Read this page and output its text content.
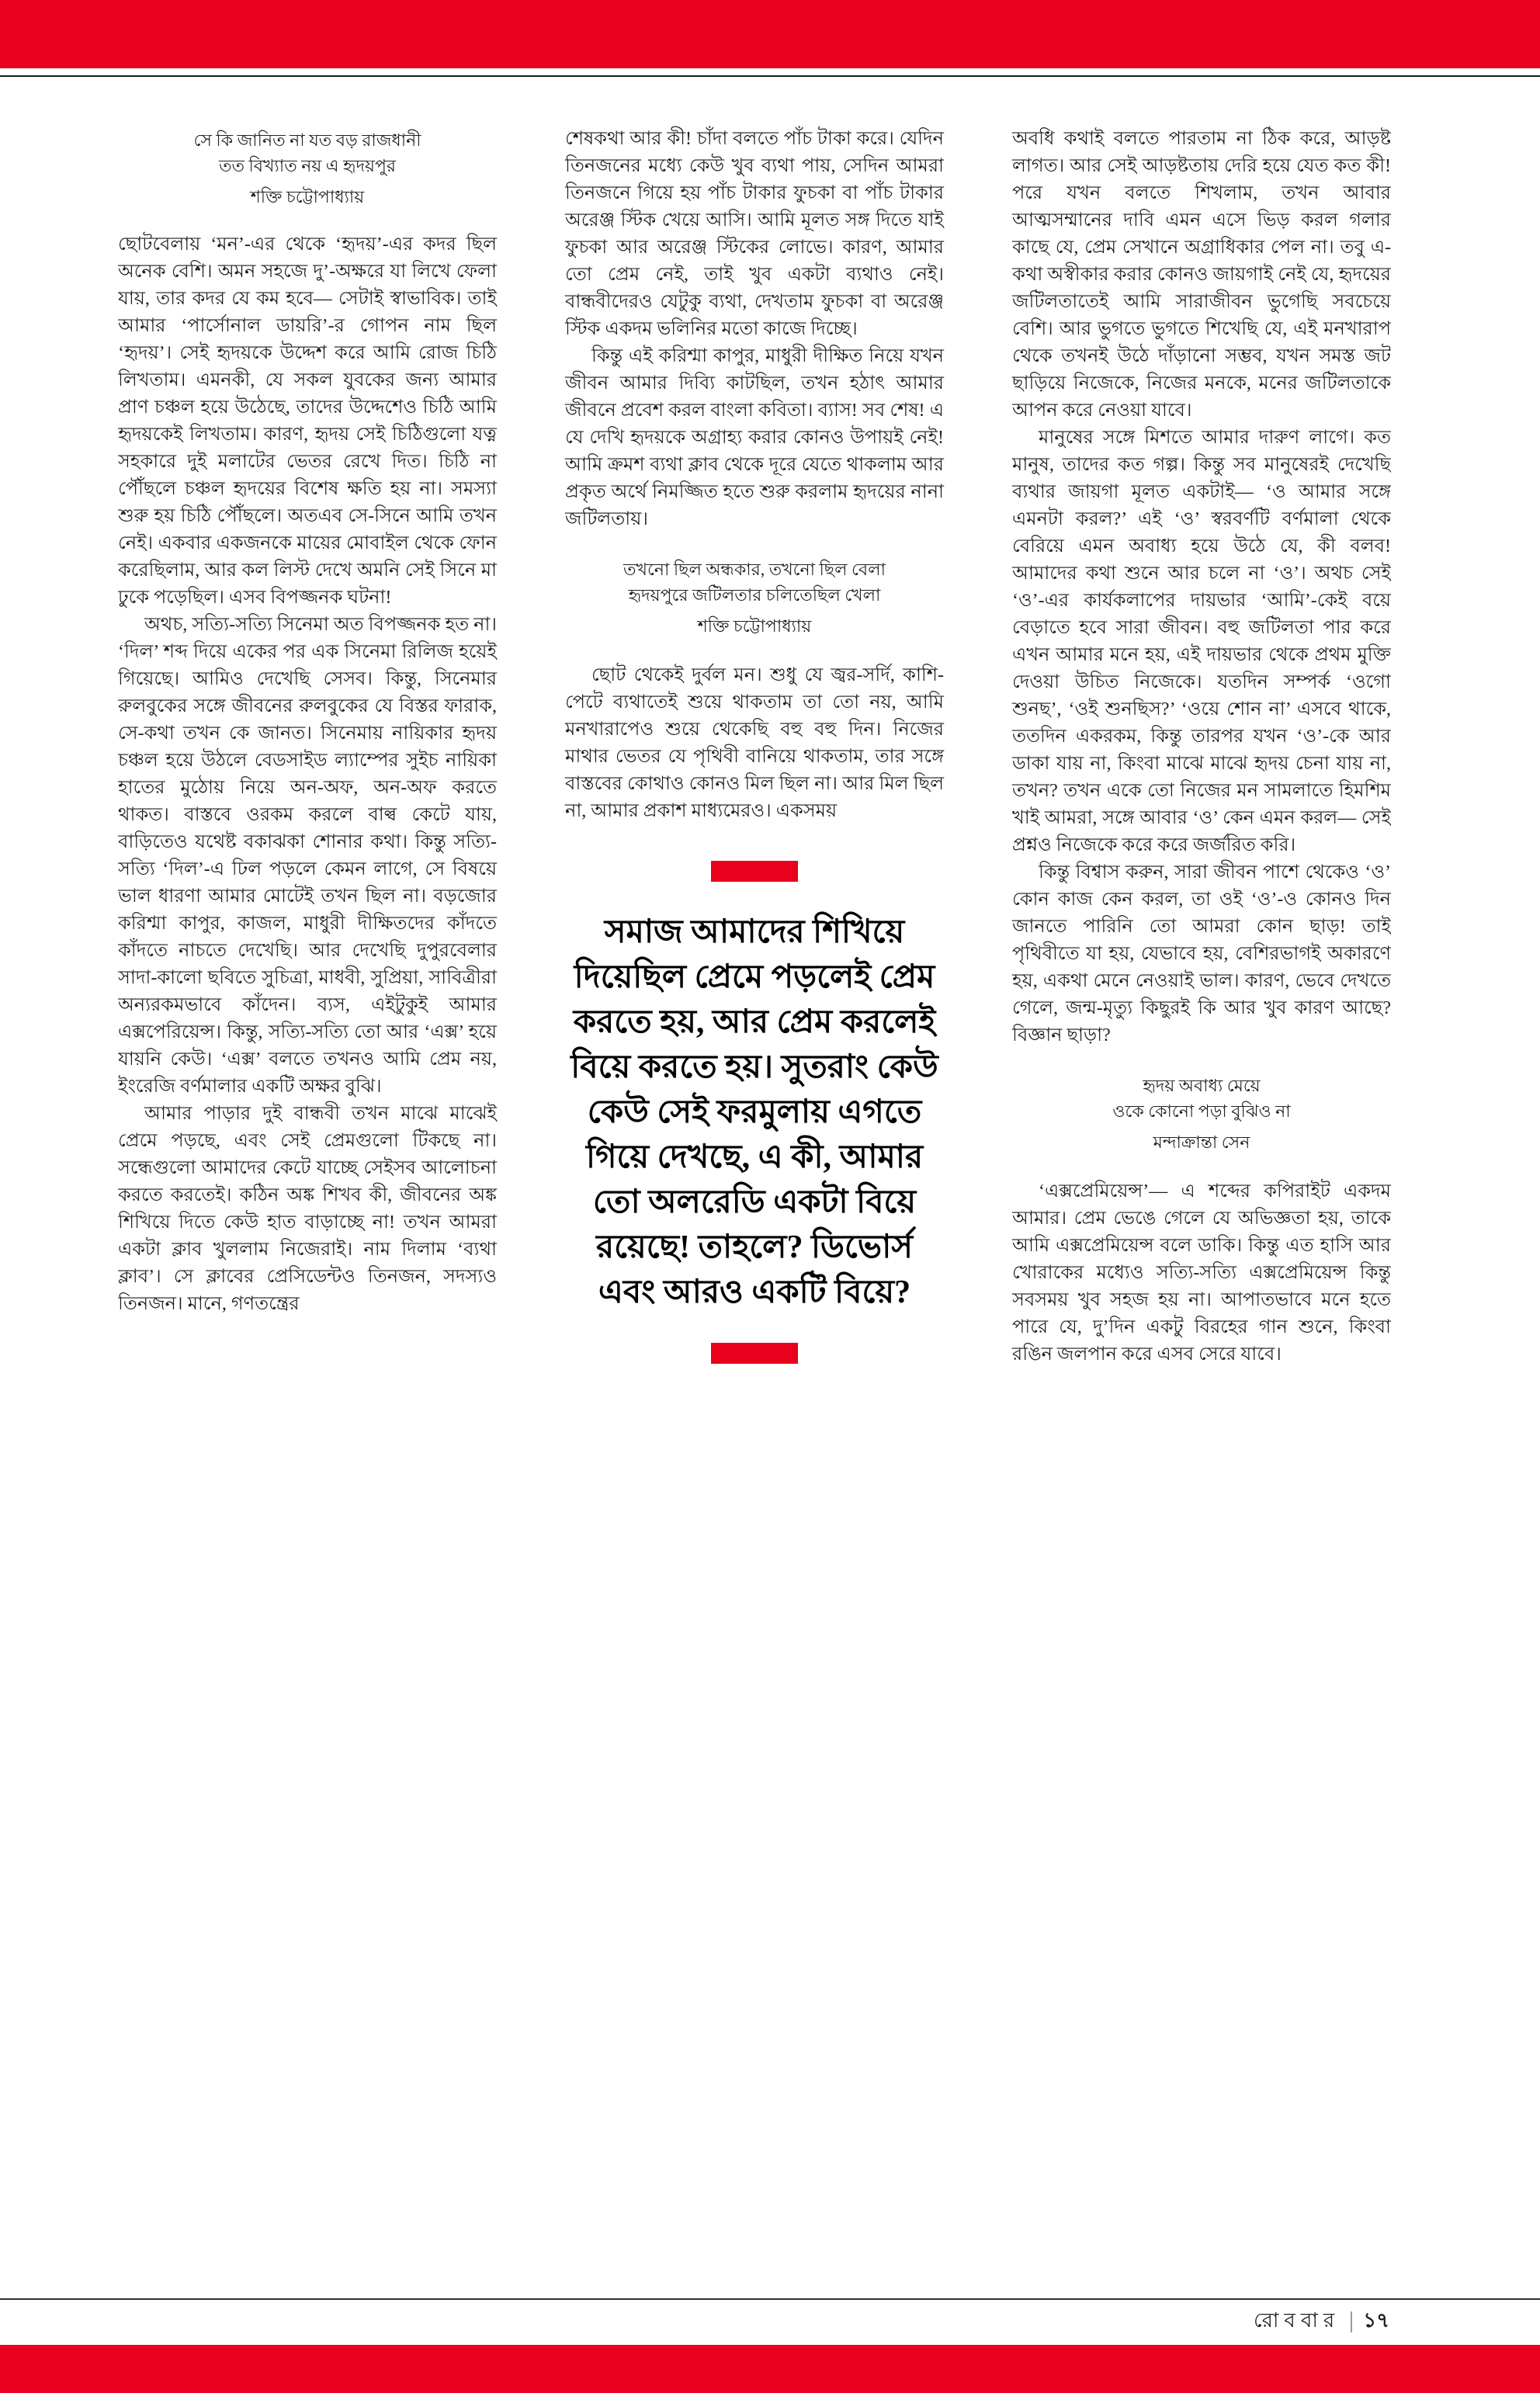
সে কি জানিত না যত বড় রাজধানী
তত বিখ্যাত নয় এ হৃদয়পুর
শক্তি চট্টোপাধ্যায়

ছোটবেলায় ‘মন’-এর থেকে ‘হৃদয়’-এর কদর ছিল অনেক বেশি। অমন সহজে দু’-অক্ষরে যা লিখে ফেলা যায়, তার কদর যে কম হবে— সেটাই স্বাভাবিক। তাই আমার ‘পার্সোনাল ডায়রি’-র গোপন নাম ছিল ‘হৃদয়’। সেই হৃদয়কে উদ্দেশ করে আমি রোজ চিঠি লিখতাম। এমনকী, যে সকল যুবকের জন্য আমার প্রাণ চঞ্চল হয়ে উঠেছে, তাদের উদ্দেশেও চিঠি আমি হৃদয়কেই লিখতাম। কারণ, হৃদয় সেই চিঠিগুলো যত্ন সহকারে দুই মলাটের ভেতর রেখে দিত। চিঠি না পৌঁছলে চঞ্চল হৃদয়ের বিশেষ ক্ষতি হয় না। সমস্যা শুরু হয় চিঠি পৌঁছলে। অতএব সে-সিনে আমি তখন নেই। একবার একজনকে মায়ের মোবাইল থেকে ফোন করেছিলাম, আর কল লিস্ট দেখে অমনি সেই সিনে মা ঢুকে পড়েছিল। এসব বিপজ্জনক ঘটনা!

অথচ, সত্যি-সত্যি সিনেমা অত বিপজ্জনক হত না। ‘দিল’ শব্দ দিয়ে একের পর এক সিনেমা রিলিজ হয়েই গিয়েছে। আমিও দেখেছি সেসব। কিন্তু, সিনেমার রুলবুকের সঙ্গে জীবনের রুলবুকের যে বিস্তর ফারাক, সে-কথা তখন কে জানত। সিনেমায় নায়িকার হৃদয় চঞ্চল হয়ে উঠলে বেডসাইড ল্যাম্পের সুইচ নায়িকা হাতের মুঠোয় নিয়ে অন-অফ, অন-অফ করতে থাকত। বাস্তবে ওরকম করলে বাল্ব কেটে যায়, বাড়িতেও যথেষ্ট বকাঝকা শোনার কথা। কিন্তু সত্যি-সত্যি ‘দিল’-এ ঢিল পড়লে কেমন লাগে, সে বিষয়ে ভাল ধারণা আমার মোটেই তখন ছিল না। বড়জোর করিশ্মা কাপুর, কাজল, মাধুরী দীক্ষিতদের কাঁদতে কাঁদতে নাচতে দেখেছি। আর দেখেছি দুপুরবেলার সাদা-কালো ছবিতে সুচিত্রা, মাধবী, সুপ্রিয়া, সাবিত্রীরা অন্যরকমভাবে কাঁদেন। ব্যস, এইটুকুই আমার এক্সপেরিয়েন্স। কিন্তু, সত্যি-সত্যি তো আর ‘এক্স’ হয়ে যায়নি কেউ। ‘এক্স’ বলতে তখনও আমি প্রেম নয়, ইংরেজি বর্ণমালার একটি অক্ষর বুঝি।

আমার পাড়ার দুই বান্ধবী তখন মাঝে মাঝেই প্রেমে পড়ছে, এবং সেই প্রেমগুলো টিকছে না। সন্ধেগুলো আমাদের কেটে যাচ্ছে সেইসব আলোচনা করতে করতেই। কঠিন অঙ্ক শিখব কী, জীবনের অঙ্ক শিখিয়ে দিতে কেউ হাত বাড়াচ্ছে না! তখন আমরা একটা ক্লাব খুললাম নিজেরাই। নাম দিলাম ‘ব্যথা ক্লাব’। সে ক্লাবের প্রেসিডেন্টও তিনজন, সদস্যও তিনজন। মানে, গণতন্ত্রের

শেষকথা আর কী! চাঁদা বলতে পাঁচ টাকা করে। যেদিন তিনজনের মধ্যে কেউ খুব ব্যথা পায়, সেদিন আমরা তিনজনে গিয়ে হয় পাঁচ টাকার ফুচকা বা পাঁচ টাকার অরেঞ্জ স্টিক খেয়ে আসি। আমি মূলত সঙ্গ দিতে যাই ফুচকা আর অরেঞ্জ স্টিকের লোভে। কারণ, আমার তো প্রেম নেই, তাই খুব একটা ব্যথাও নেই। বান্ধবীদেরও যেটুকু ব্যথা, দেখতাম ফুচকা বা অরেঞ্জ স্টিক একদম ভলিনির মতো কাজে দিচ্ছে।

কিন্তু এই করিশ্মা কাপুর, মাধুরী দীক্ষিত নিয়ে যখন জীবন আমার দিব্যি কাটছিল, তখন হঠাৎ আমার জীবনে প্রবেশ করল বাংলা কবিতা। ব্যাস! সব শেষ! এ যে দেখি হৃদয়কে অগ্রাহ্য করার কোনও উপায়ই নেই! আমি ক্রমশ ব্যথা ক্লাব থেকে দূরে যেতে থাকলাম আর প্রকৃত অর্থে নিমজ্জিত হতে শুরু করলাম হৃদয়ের নানা জটিলতায়।

তখনো ছিল অন্ধকার, তখনো ছিল বেলা
হৃদয়পুরে জটিলতার চলিতেছিল খেলা
শক্তি চট্টোপাধ্যায়

ছোট থেকেই দুর্বল মন। শুধু যে জ্বর-সর্দি, কাশি-পেটে ব্যথাতেই শুয়ে থাকতাম তা তো নয়, আমি মনখারাপেও শুয়ে থেকেছি বহু বহু দিন। নিজের মাথার ভেতর যে পৃথিবী বানিয়ে থাকতাম, তার সঙ্গে বাস্তবের কোথাও কোনও মিল ছিল না। আর মিল ছিল না, আমার প্রকাশ মাধ্যমেরও। একসময়

সমাজ আমাদের শিখিয়ে দিয়েছিল প্রেমে পড়লেই প্রেম করতে হয়, আর প্রেম করলেই বিয়ে করতে হয়। সুতরাং কেউ কেউ সেই ফরমুলায় এগতে গিয়ে দেখছে, এ কী, আমার তো অলরেডি একটা বিয়ে রয়েছে! তাহলে? ডিভোর্স এবং আরও একটি বিয়ে?

অবধি কথাই বলতে পারতাম না ঠিক করে, আড়ষ্ট লাগত। আর সেই আড়ষ্টতায় দেরি হয়ে যেত কত কী! পরে যখন বলতে শিখলাম, তখন আবার আত্মসম্মানের দাবি এমন এসে ভিড় করল গলার কাছে যে, প্রেম সেখানে অগ্রাধিকার পেল না। তবু এ-কথা অস্বীকার করার কোনও জায়গাই নেই যে, হৃদয়ের জটিলতাতেই আমি সারাজীবন ভুগেছি সবচেয়ে বেশি। আর ভুগতে ভুগতে শিখেছি যে, এই মনখারাপ থেকে তখনই উঠে দাঁড়ানো সম্ভব, যখন সমস্ত জট ছাড়িয়ে নিজেকে, নিজের মনকে, মনের জটিলতাকে আপন করে নেওয়া যাবে।

মানুষের সঙ্গে মিশতে আমার দারুণ লাগে। কত মানুষ, তাদের কত গল্প। কিন্তু সব মানুষেরই দেখেছি ব্যথার জায়গা মূলত একটাই— ‘ও আমার সঙ্গে এমনটা করল?’ এই ‘ও’ স্বরবর্ণটি বর্ণমালা থেকে বেরিয়ে এমন অবাধ্য হয়ে উঠে যে, কী বলব! আমাদের কথা শুনে আর চলে না ‘ও’। অথচ সেই ‘ও’-এর কার্যকলাপের দায়ভার ‘আমি’-কেই বয়ে বেড়াতে হবে সারা জীবন। বহু জটিলতা পার করে এখন আমার মনে হয়, এই দায়ভার থেকে প্রথম মুক্তি দেওয়া উচিত নিজেকে। যতদিন সম্পর্ক ‘ওগো শুনছ’, ‘ওই শুনছিস?’ ‘ওয়ে শোন না’ এসবে থাকে, ততদিন একরকম, কিন্তু তারপর যখন ‘ও’-কে আর ডাকা যায় না, কিংবা মাঝে মাঝে হৃদয় চেনা যায় না, তখন? তখন একে তো নিজের মন সামলাতে হিমশিম খাই আমরা, সঙ্গে আবার ‘ও’ কেন এমন করল— সেই প্রশ্নও নিজেকে করে করে জর্জরিত করি।

কিন্তু বিশ্বাস করুন, সারা জীবন পাশে থেকেও ‘ও’ কোন কাজ কেন করল, তা ওই ‘ও’-ও কোনও দিন জানতে পারিনি তো আমরা কোন ছাড়! তাই পৃথিবীতে যা হয়, যেভাবে হয়, বেশিরভাগই অকারণে হয়, একথা মেনে নেওয়াই ভাল। কারণ, ভেবে দেখতে গেলে, জন্ম-মৃত্যু কিছুরই কি আর খুব কারণ আছে? বিজ্ঞান ছাড়া?

হৃদয় অবাধ্য মেয়ে
ওকে কোনো পড়া বুঝিও না
মন্দাক্রান্তা সেন

‘এক্সপ্রেমিয়েন্স’— এ শব্দের কপিরাইট একদম আমার। প্রেম ভেঙে গেলে যে অভিজ্ঞতা হয়, তাকে আমি এক্সপ্রেমিয়েন্স বলে ডাকি। কিন্তু এত হাসি আর খোরাকের মধ্যেও সত্যি-সত্যি এক্সপ্রেমিয়েন্স কিন্তু সবসময় খুব সহজ হয় না। আপাতভাবে মনে হতে পারে যে, দু’দিন একটু বিরহের গান শুনে, কিংবা রঙিন জলপান করে এসব সেরে যাবে।

রোববার ১৭
